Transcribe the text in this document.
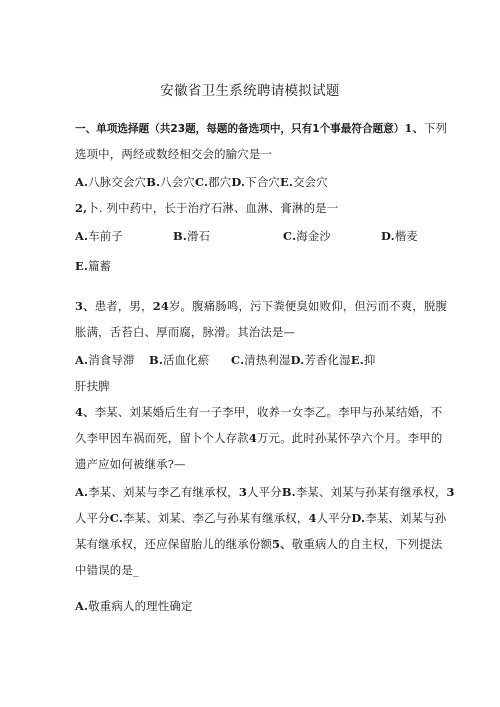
安徽省卫生系统聘请模拟试题
一、单项选择题（共23题，每题的备选项中，只有1个事最符合题意）1、下列
选项中，两经或数经相交会的腧穴是一
A.八脉交会穴B.八会穴C.郡穴D.下合穴E.交会穴
2,卜. 列中药中，长于治疗石淋、血淋、膏淋的是一
A.车前子	B.滑石	C.海金沙	D.楷麦
E.篇蓄
3、患者，男，24岁。腹痛肠鸣，污下粪便臭如败仰，但污而不爽，脱腹
胀满，舌苔白、厚而腐，脉滑。其治法是—
A.消食导滞 B.活血化瘀 C.清热利湿D.芳香化湿E.抑
肝扶脾
4、李某、刘某婚后生有一子李甲，收养一女李乙。李甲与孙某结婚，不
久李甲因车祸而死，留卜个人存款4万元。此时孙某怀孕六个月。李甲的
遗产应如何被继承?—
A.李某、刘某与李乙有继承权，3人平分B.李某、刘某与孙某有继承权，3
人平分C.李某、刘某、李乙与孙某有继承权，4人平分D.李某、刘某与孙
某有继承权，还应保留胎儿的继承份额5、敬重病人的自主权，下列提法
中错误的是_
A.敬重病人的理性确定
